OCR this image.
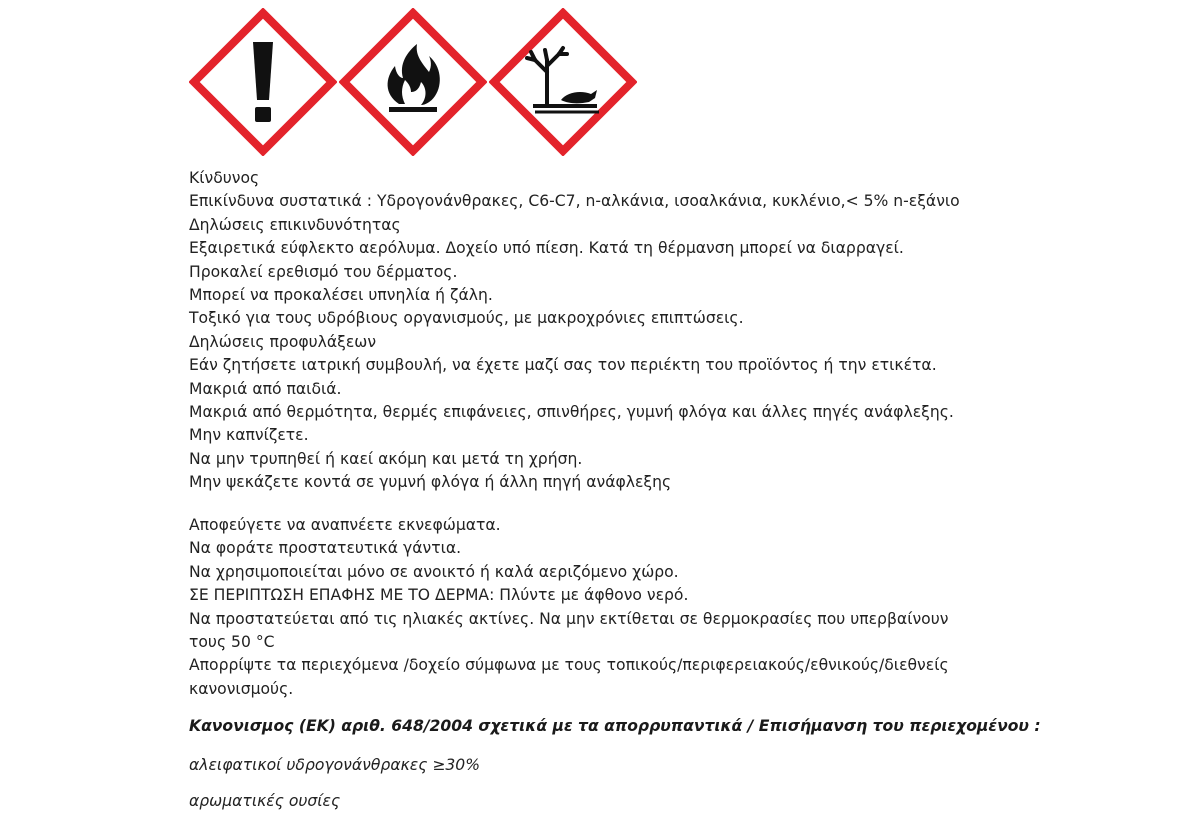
Κίνδυνος
Επικίνδυνα συστατικά : Υδρογονάνθρακες, C6-C7, n-αλκάνια, ισοαλκάνια, κυκλένιο,< 5% n-εξάνιο
Δηλώσεις επικινδυνότητας
Εξαιρετικά εύφλεκτο αερόλυμα. Δοχείο υπό πίεση. Κατά τη θέρμανση μπορεί να διαρραγεί.
Προκαλεί ερεθισμό του δέρματος.
Μπορεί να προκαλέσει υπνηλία ή ζάλη.
Τοξικό για τους υδρόβιους οργανισμούς, με μακροχρόνιες επιπτώσεις.
Δηλώσεις προφυλάξεων
Εάν ζητήσετε ιατρική συμβουλή, να έχετε μαζί σας τον περιέκτη του προϊόντος ή την ετικέτα.
Μακριά από παιδιά.
Μακριά από θερμότητα, θερμές επιφάνειες, σπινθήρες, γυμνή φλόγα και άλλες πηγές ανάφλεξης.
Μην καπνίζετε.
Να μην τρυπηθεί ή καεί ακόμη και μετά τη χρήση.
Μην ψεκάζετε κοντά σε γυμνή φλόγα ή άλλη πηγή ανάφλεξης
Αποφεύγετε να αναπνέετε εκνεφώματα.
Να φοράτε προστατευτικά γάντια.
Να χρησιμοποιείται μόνο σε ανοικτό ή καλά αεριζόμενο χώρο.
ΣΕ ΠΕΡΙΠΤΩΣΗ ΕΠΑΦΗΣ ΜΕ ΤΟ ΔΕΡΜΑ: Πλύντε με άφθονο νερό.
Να προστατεύεται από τις ηλιακές ακτίνες. Να μην εκτίθεται σε θερμοκρασίες που υπερβαίνουν τους 50 °C
Απορρίψτε τα περιεχόμενα /δοχείο σύμφωνα με τους τοπικούς/περιφερειακούς/εθνικούς/διεθνείς κανονισμούς.
Κανονισμος (ΕΚ) αριθ. 648/2004 σχετικά με τα απορρυπαντικά / Επισήμανση του περιεχομένου :
αλειφατικοί υδρογονάνθρακες ≥30%
αρωματικές ουσίες
